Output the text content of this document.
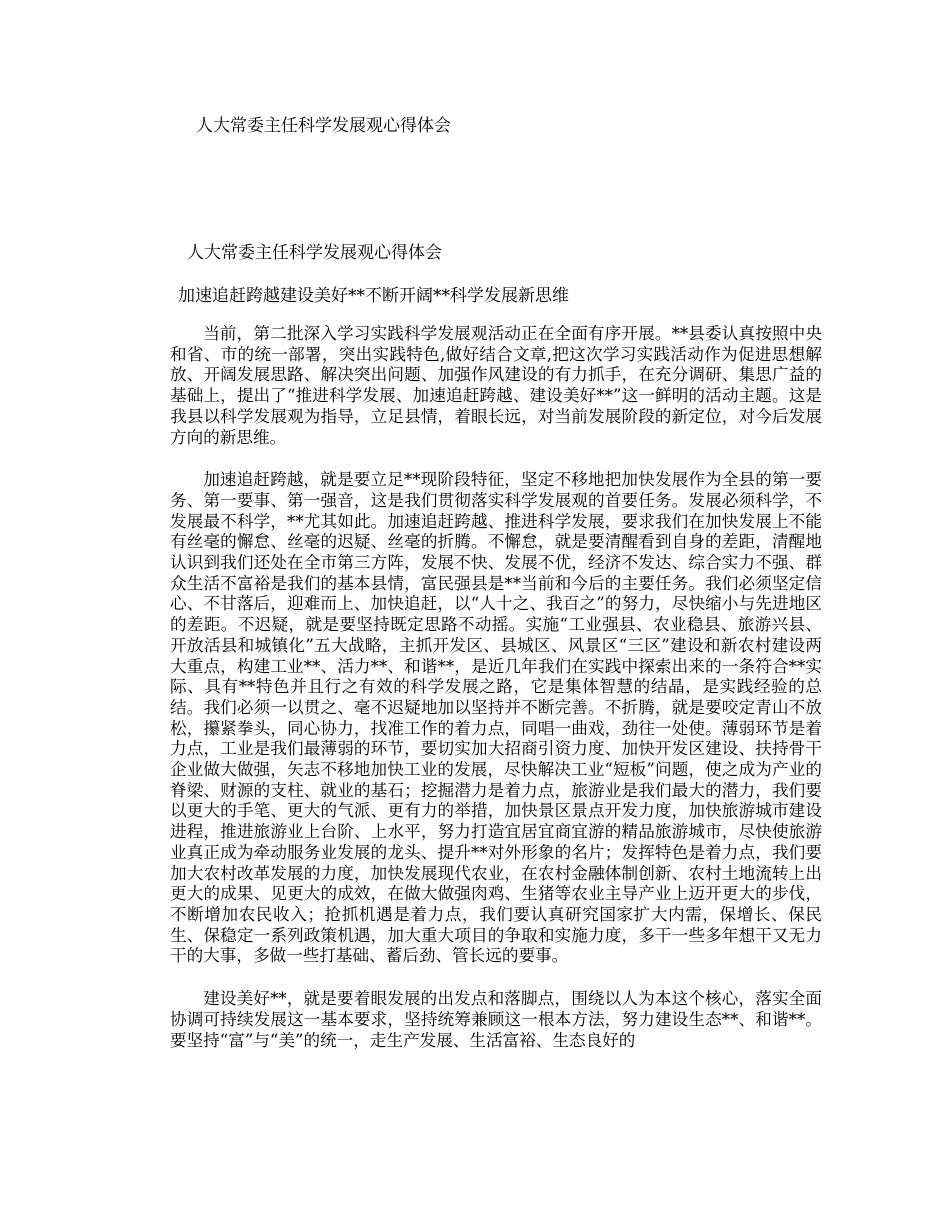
人大常委主任科学发展观心得体会
人大常委主任科学发展观心得体会
加速追赶跨越建设美好**不断开阔**科学发展新思维

当前，第二批深入学习实践科学发展观活动正在全面有序开展。**县委认真按照中央和省、市的统一部署，突出实践特色,做好结合文章,把这次学习实践活动作为促进思想解放、开阔发展思路、解决突出问题、加强作风建设的有力抓手，在充分调研、集思广益的基础上，提出了“推进科学发展、加速追赶跨越、建设美好**”这一鲜明的活动主题。这是我县以科学发展观为指导，立足县情，着眼长远，对当前发展阶段的新定位，对今后发展方向的新思维。

加速追赶跨越，就是要立足**现阶段特征，坚定不移地把加快发展作为全县的第一要务、第一要事、第一强音，这是我们贯彻落实科学发展观的首要任务。发展必须科学，不发展最不科学，**尤其如此。加速追赶跨越、推进科学发展，要求我们在加快发展上不能有丝毫的懈怠、丝毫的迟疑、丝毫的折腾。不懈怠，就是要清醒看到自身的差距，清醒地认识到我们还处在全市第三方阵，发展不快、发展不优，经济不发达、综合实力不强、群众生活不富裕是我们的基本县情，富民强县是**当前和今后的主要任务。我们必须坚定信心、不甘落后，迎难而上、加快追赶，以“人十之、我百之”的努力，尽快缩小与先进地区的差距。不迟疑，就是要坚持既定思路不动摇。实施“工业强县、农业稳县、旅游兴县、开放活县和城镇化”五大战略，主抓开发区、县城区、风景区“三区”建设和新农村建设两大重点，构建工业**、活力**、和谐**，是近几年我们在实践中探索出来的一条符合**实际、具有**特色并且行之有效的科学发展之路，它是集体智慧的结晶，是实践经验的总结。我们必须一以贯之、毫不迟疑地加以坚持并不断完善。不折腾，就是要咬定青山不放松，攥紧拳头，同心协力，找准工作的着力点，同唱一曲戏，劲往一处使。薄弱环节是着力点，工业是我们最薄弱的环节，要切实加大招商引资力度、加快开发区建设、扶持骨干企业做大做强，矢志不移地加快工业的发展，尽快解决工业“短板”问题，使之成为产业的脊梁、财源的支柱、就业的基石；挖掘潜力是着力点，旅游业是我们最大的潜力，我们要以更大的手笔、更大的气派、更有力的举措，加快景区景点开发力度，加快旅游城市建设进程，推进旅游业上台阶、上水平，努力打造宜居宜商宜游的精品旅游城市，尽快使旅游业真正成为牵动服务业发展的龙头、提升**对外形象的名片；发挥特色是着力点，我们要加大农村改革发展的力度，加快发展现代农业，在农村金融体制创新、农村土地流转上出更大的成果、见更大的成效，在做大做强肉鸡、生猪等农业主导产业上迈开更大的步伐，不断增加农民收入；抢抓机遇是着力点，我们要认真研究国家扩大内需，保增长、保民生、保稳定一系列政策机遇，加大重大项目的争取和实施力度，多干一些多年想干又无力干的大事，多做一些打基础、蓄后劲、管长远的要事。

建设美好**，就是要着眼发展的出发点和落脚点，围绕以人为本这个核心，落实全面协调可持续发展这一基本要求，坚持统筹兼顾这一根本方法，努力建设生态**、和谐**。要坚持“富”与“美”的统一，走生产发展、生活富裕、生态良好的
